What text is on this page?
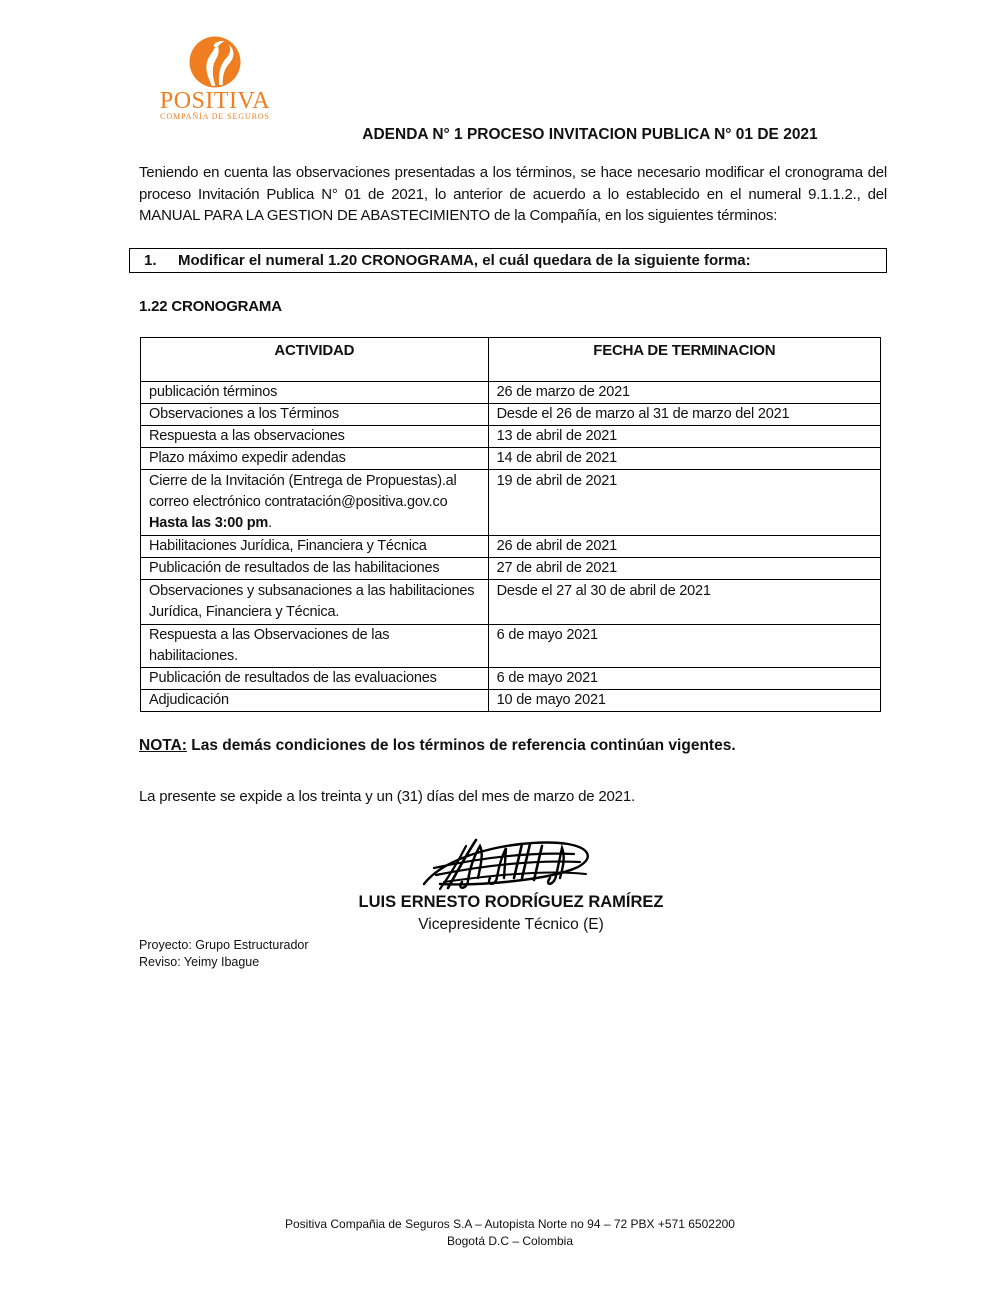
POSITIVA
COMPAÑÍA DE SEGUROS
ADENDA N° 1 PROCESO INVITACION PUBLICA N° 01 DE 2021
Teniendo en cuenta las observaciones presentadas a los términos, se hace necesario modificar el cronograma del proceso Invitación Publica N° 01 de 2021, lo anterior de acuerdo a lo establecido en el numeral 9.1.1.2., del MANUAL PARA LA GESTION DE ABASTECIMIENTO de la Compañía, en los siguientes términos:
1.	Modificar el numeral 1.20 CRONOGRAMA, el cuál quedara de la siguiente forma:
1.22 CRONOGRAMA
ACTIVIDAD	FECHA DE TERMINACION
publicación términos	26 de marzo de 2021
Observaciones a los Términos	Desde el 26 de marzo al 31 de marzo del 2021
Respuesta a las observaciones	13 de abril de 2021
Plazo máximo expedir adendas	14 de abril de 2021
Cierre de la Invitación (Entrega de Propuestas).al correo electrónico contratación@positiva.gov.co Hasta las 3:00 pm.	19 de abril de 2021
Habilitaciones Jurídica, Financiera y Técnica	26 de abril de 2021
Publicación de resultados de las habilitaciones	27 de abril de 2021
Observaciones y subsanaciones a las habilitaciones Jurídica, Financiera y Técnica.	Desde el 27 al 30 de abril de 2021
Respuesta a las Observaciones de las habilitaciones.	6 de mayo 2021
Publicación de resultados de las evaluaciones	6 de mayo 2021
Adjudicación	10 de mayo 2021
NOTA: Las demás condiciones de los términos de referencia continúan vigentes.
La presente se expide a los treinta y un (31) días del mes de marzo de 2021.
LUIS ERNESTO RODRÍGUEZ RAMÍREZ
Vicepresidente Técnico (E)
Proyecto: Grupo Estructurador
Reviso: Yeimy Ibague
Positiva Compañia de Seguros S.A – Autopista Norte no 94 – 72 PBX +571 6502200
Bogotá D.C – Colombia
